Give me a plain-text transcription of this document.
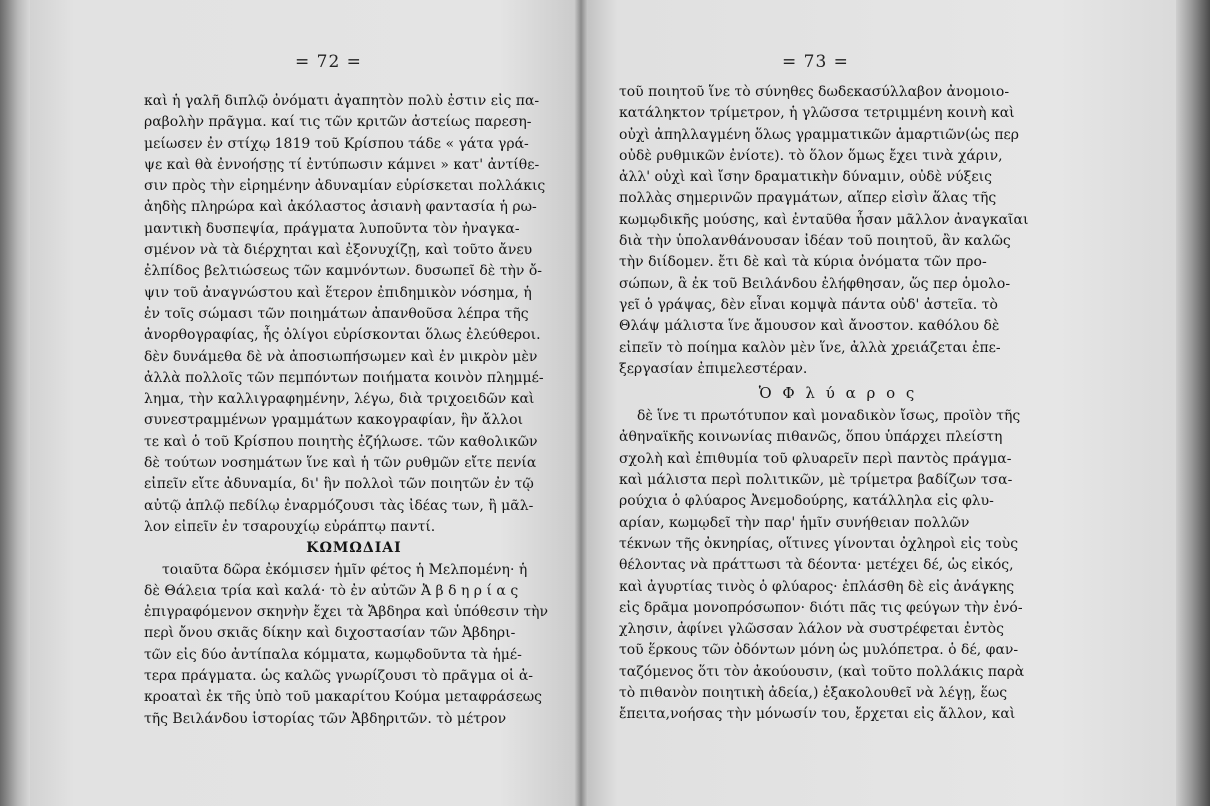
= 72 =
καὶ ἡ γαλῆ διπλῷ ὀνόματι ἀγαπητὸν πολὺ ἐστιν εἰς πα-
ραβολὴν πρᾶγμα. καί τις τῶν κριτῶν ἀστείως παρεση-
μείωσεν ἐν στίχῳ 1819 τοῦ Κρίσπου τάδε « γάτα γρά-
ψε καὶ θὰ ἐννοήσῃς τί ἐντύπωσιν κάμνει » κατ' ἀντίθε-
σιν πρὸς τὴν εἰρημένην ἀδυναμίαν εὑρίσκεται πολλάκις
ἀηδὴς πληρώρα καὶ ἀκόλαστος ἀσιανὴ φαντασία ἡ ρω-
μαντικὴ δυσπεψία, πράγματα λυποῦντα τὸν ἠναγκα-
σμένον νὰ τὰ διέρχηται καὶ ἐξονυχίζῃ, καὶ τοῦτο ἄνευ
ἐλπίδος βελτιώσεως τῶν καμνόντων. δυσωπεῖ δὲ τὴν ὄ-
ψιν τοῦ ἀναγνώστου καὶ ἕτερον ἐπιδημικὸν νόσημα, ἡ
ἐν τοῖς σώμασι τῶν ποιημάτων ἀπανθοῦσα λέπρα τῆς
ἀνορθογραφίας, ἧς ὀλίγοι εὑρίσκονται ὅλως ἐλεύθεροι.
δὲν δυνάμεθα δὲ νὰ ἀποσιωπήσωμεν καὶ ἐν μικρὸν μὲν
ἀλλὰ πολλοῖς τῶν πεμπόντων ποιήματα κοινὸν πλημμέ-
λημα, τὴν καλλιγραφημένην, λέγω, διὰ τριχοειδῶν καὶ
συνεστραμμένων γραμμάτων κακογραφίαν, ἣν ἄλλοι
τε καὶ ὁ τοῦ Κρίσπου ποιητὴς ἐζήλωσε. τῶν καθολικῶν
δὲ τούτων νοσημάτων ἵνε καὶ ἡ τῶν ρυθμῶν εἴτε πενία
εἰπεῖν εἴτε ἀδυναμία, δι' ἣν πολλοὶ τῶν ποιητῶν ἐν τῷ
αὐτῷ ἁπλῷ πεδίλῳ ἐναρμόζουσι τὰς ἰδέας των, ἢ μᾶλ-
λον εἰπεῖν ἐν τσαρουχίῳ εὐράπτῳ παντί.
ΚΩΜΩΔΙΑΙ
τοιαῦτα δῶρα ἐκόμισεν ἡμῖν φέτος ἡ Μελπομένη· ἡ
δὲ Θάλεια τρία καὶ καλά· τὸ ἐν αὐτῶν Ἀ β δ η ρ ί α ς
ἐπιγραφόμενον σκηνὴν ἔχει τὰ Ἄβδηρα καὶ ὑπόθεσιν τὴν
περὶ ὄνου σκιᾶς δίκην καὶ διχοστασίαν τῶν Ἀβδηρι-
τῶν εἰς δύο ἀντίπαλα κόμματα, κωμῳδοῦντα τὰ ἡμέ-
τερα πράγματα. ὡς καλῶς γνωρίζουσι τὸ πρᾶγμα οἱ ἀ-
κροαταὶ ἐκ τῆς ὑπὸ τοῦ μακαρίτου Κούμα μεταφράσεως
τῆς Βειλάνδου ἱστορίας τῶν Ἀβδηριτῶν. τὸ μέτρον
= 73 =
τοῦ ποιητοῦ ἵνε τὸ σύνηθες δωδεκασύλλαβον ἀνομοιο-
κατάληκτον τρίμετρον, ἡ γλῶσσα τετριμμένη κοινὴ καὶ
οὐχὶ ἀπηλλαγμένη ὅλως γραμματικῶν ἁμαρτιῶν(ὡς περ
οὐδὲ ρυθμικῶν ἐνίοτε). τὸ ὅλον ὅμως ἔχει τινὰ χάριν,
ἀλλ' οὐχὶ καὶ ἴσην δραματικὴν δύναμιν, οὐδὲ νύξεις
πολλὰς σημερινῶν πραγμάτων, αἵπερ εἰσὶν ἅλας τῆς
κωμῳδικῆς μούσης, καὶ ἐνταῦθα ἦσαν μᾶλλον ἀναγκαῖαι
διὰ τὴν ὑπολανθάνουσαν ἰδέαν τοῦ ποιητοῦ, ἂν καλῶς
τὴν διίδομεν. ἔτι δὲ καὶ τὰ κύρια ὀνόματα τῶν προ-
σώπων, ἃ ἐκ τοῦ Βειλάνδου ἐλήφθησαν, ὥς περ ὁμολο-
γεῖ ὁ γράψας, δὲν εἶναι κομψὰ πάντα οὐδ' ἀστεῖα. τὸ
Θλάψ μάλιστα ἵνε ἄμουσον καὶ ἄνοστον. καθόλου δὲ
εἰπεῖν τὸ ποίημα καλὸν μὲν ἵνε, ἀλλὰ χρειάζεται ἐπε-
ξεργασίαν ἐπιμελεστέραν.
Ὁ Φ λ ύ α ρ ο ς
δὲ ἵνε τι πρωτότυπον καὶ μοναδικὸν ἴσως, προϊὸν τῆς
ἀθηναϊκῆς κοινωνίας πιθανῶς, ὅπου ὑπάρχει πλείστη
σχολὴ καὶ ἐπιθυμία τοῦ φλυαρεῖν περὶ παντὸς πράγμα-
καὶ μάλιστα περὶ πολιτικῶν, μὲ τρίμετρα βαδίζων τσα-
ρούχια ὁ φλύαρος Ἀνεμοδούρης, κατάλληλα εἰς φλυ-
αρίαν, κωμῳδεῖ τὴν παρ' ἡμῖν συνήθειαν πολλῶν
τέκνων τῆς ὀκνηρίας, οἵτινες γίνονται ὀχληροὶ εἰς τοὺς
θέλοντας νὰ πράττωσι τὰ δέοντα· μετέχει δέ, ὡς εἰκός,
καὶ ἀγυρτίας τινὸς ὁ φλύαρος· ἐπλάσθη δὲ εἰς ἀνάγκης
εἰς δρᾶμα μονοπρόσωπον· διότι πᾶς τις φεύγων τὴν ἐνό-
χλησιν, ἀφίνει γλῶσσαν λάλον νὰ συστρέφεται ἐντὸς
τοῦ ἕρκους τῶν ὀδόντων μόνη ὡς μυλόπετρα. ὁ δέ, φαν-
ταζόμενος ὅτι τὸν ἀκούουσιν, (καὶ τοῦτο πολλάκις παρὰ
τὸ πιθανὸν ποιητικὴ ἀδεία,) ἐξακολουθεῖ νὰ λέγῃ, ἕως
ἔπειτα,νοήσας τὴν μόνωσίν του, ἔρχεται εἰς ἄλλον, καὶ
